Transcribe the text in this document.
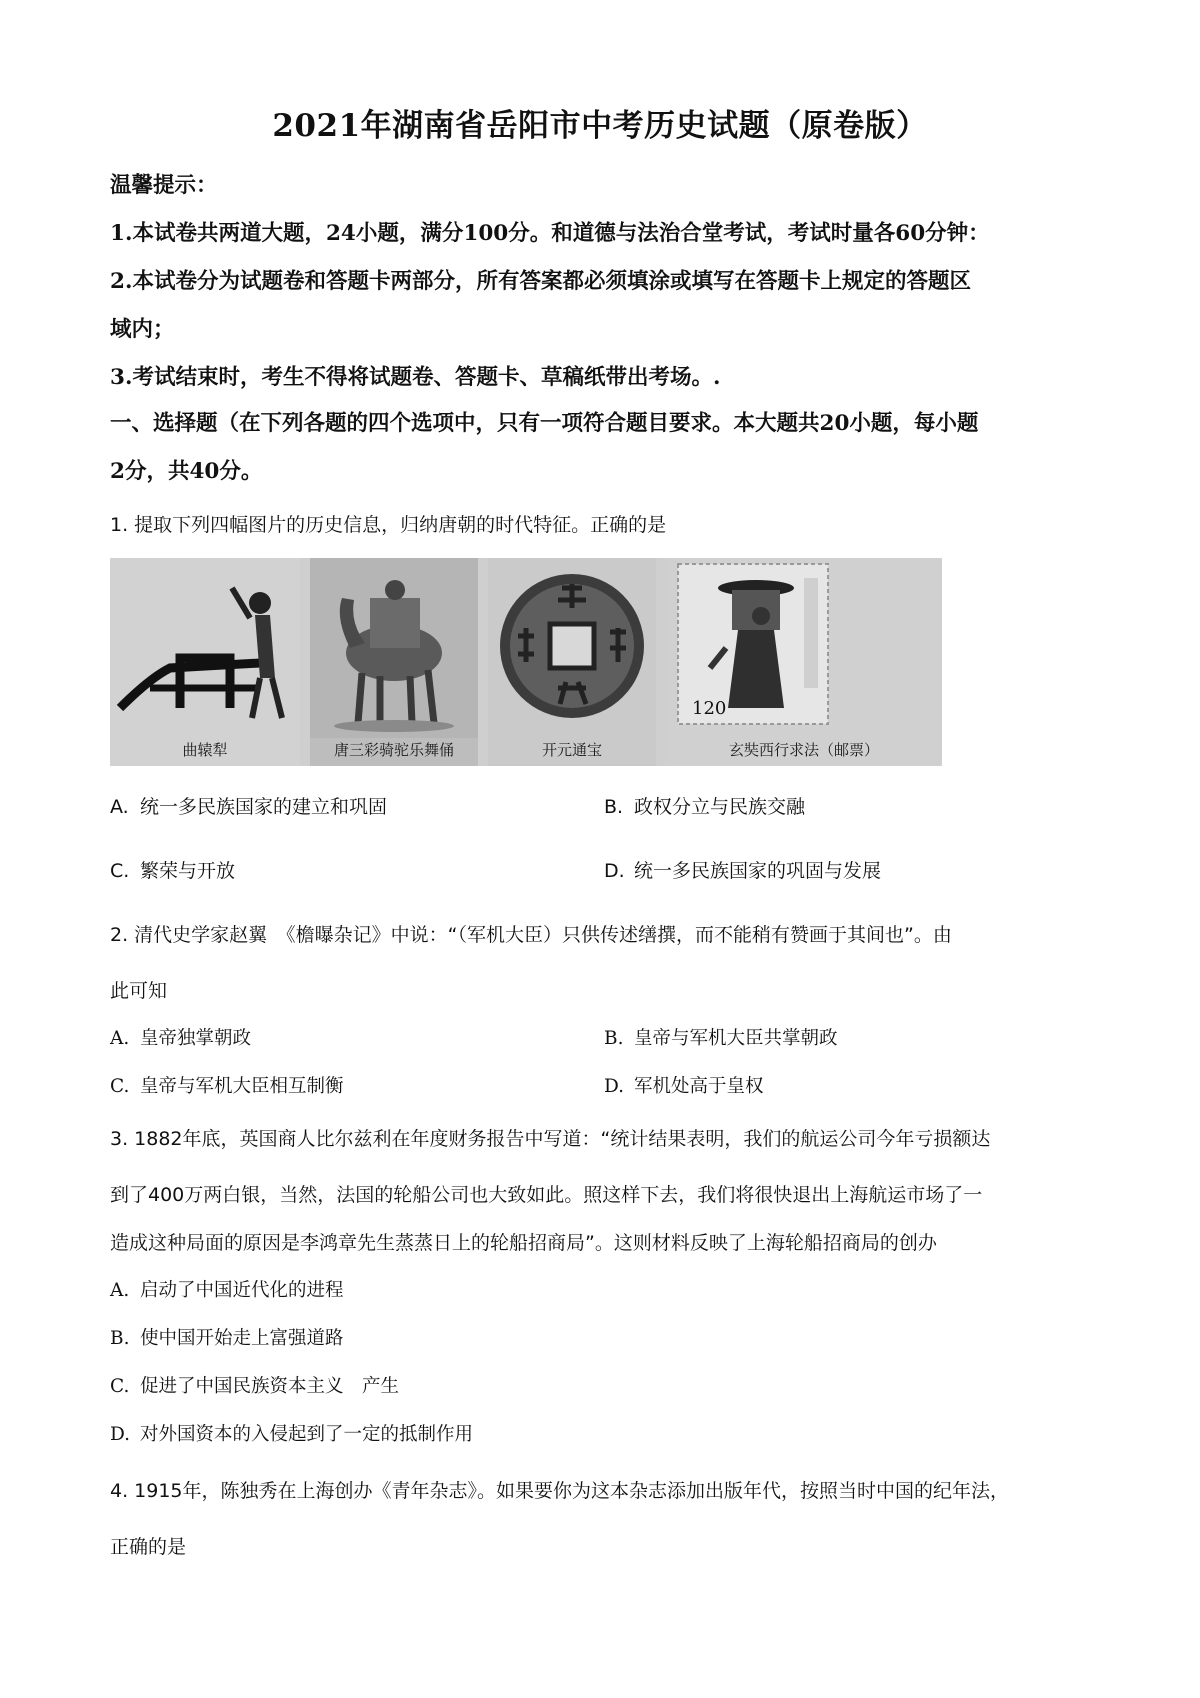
2021年湖南省岳阳市中考历史试题（原卷版）
温馨提示：
1.本试卷共两道大题，24小题，满分100分。和道德与法治合堂考试，考试时量各60分钟：
2.本试卷分为试题卷和答题卡两部分，所有答案都必须填涂或填写在答题卡上规定的答题区
域内；
3.考试结束时，考生不得将试题卷、答题卡、草稿纸带出考场。.
一、选择题（在下列各题的四个选项中，只有一项符合题目要求。本大题共20小题，每小题
2分，共40分。
1. 提取下列四幅图片的历史信息，归纳唐朝的时代特征。正确的是
曲辕犁	唐三彩骑驼乐舞俑	开元通宝
120
玄奘西行求法（邮票）
A. 统一多民族国家的建立和巩固	B. 政权分立与民族交融
C. 繁荣与开放	D. 统一多民族国家的巩固与发展
2. 清代史学家赵翼　《檐曝杂记》中说：“（军机大臣）只供传述缮撰，而不能稍有赞画于其间也”。由
此可知
A. 皇帝独掌朝政	B. 皇帝与军机大臣共掌朝政
C. 皇帝与军机大臣相互制衡	D. 军机处高于皇权
3. 1882年底，英国商人比尔兹利在年度财务报告中写道：“统计结果表明，我们的航运公司今年亏损额达
到了400万两白银，当然，法国的轮船公司也大致如此。照这样下去，我们将很快退出上海航运市场了一
造成这种局面的原因是李鸿章先生蒸蒸日上的轮船招商局”。这则材料反映了上海轮船招商局的创办
A. 启动了中国近代化的进程
B. 使中国开始走上富强道路
C. 促进了中国民族资本主义　产生
D. 对外国资本的入侵起到了一定的抵制作用
4. 1915年，陈独秀在上海创办《青年杂志》。如果要你为这本杂志添加出版年代，按照当时中国的纪年法，
正确的是
